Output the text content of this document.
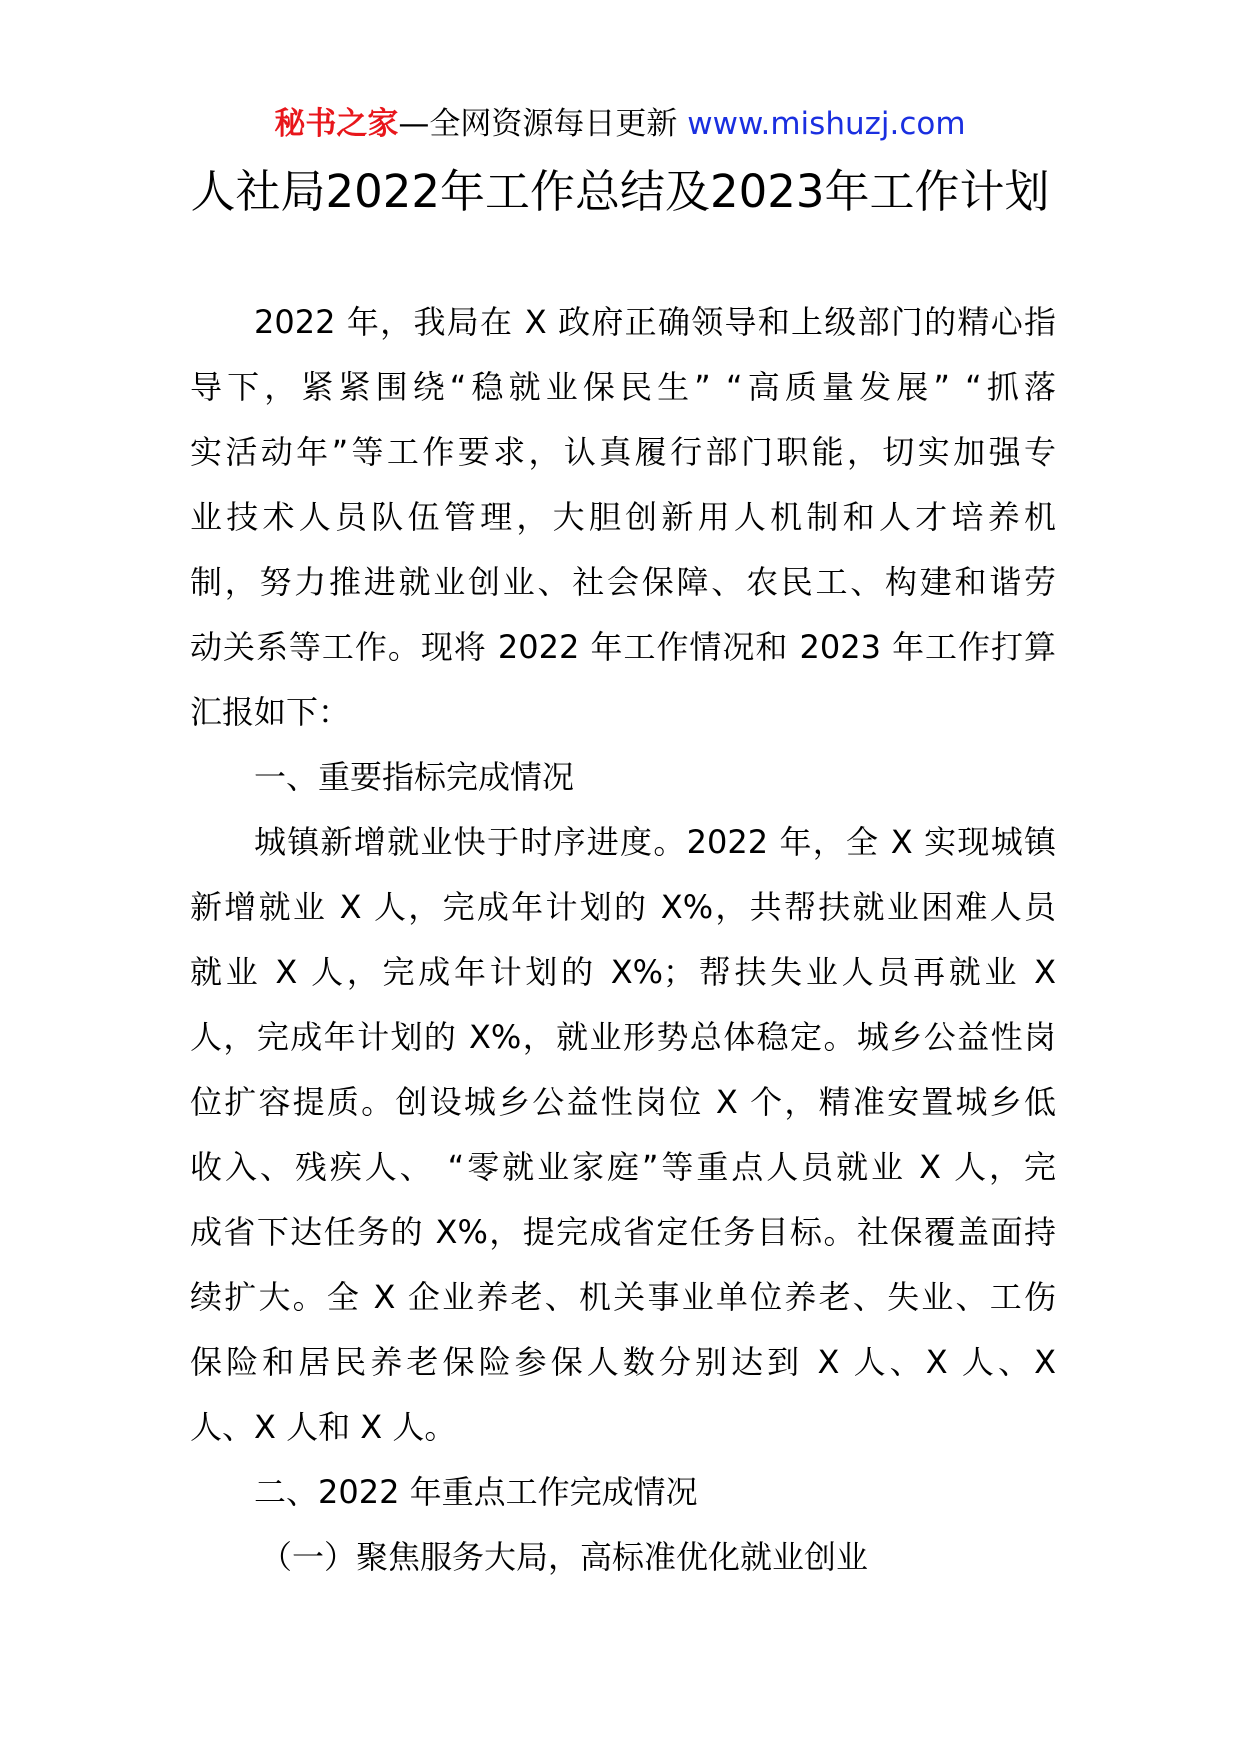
秘书之家—全网资源每日更新 www.mishuzj.com
人社局2022年工作总结及2023年工作计划
2022 年，我局在 X 政府正确领导和上级部门的精心指
导下，紧紧围绕“稳就业保民生” “高质量发展” “抓落
实活动年”等工作要求，认真履行部门职能，切实加强专
业技术人员队伍管理，大胆创新用人机制和人才培养机
制，努力推进就业创业、社会保障、农民工、构建和谐劳
动关系等工作。现将 2022 年工作情况和 2023 年工作打算
汇报如下：
一、重要指标完成情况
城镇新增就业快于时序进度。2022 年，全 X 实现城镇
新增就业 X 人，完成年计划的 X%，共帮扶就业困难人员
就业 X 人，完成年计划的 X%；帮扶失业人员再就业 X
人，完成年计划的 X%，就业形势总体稳定。城乡公益性岗
位扩容提质。创设城乡公益性岗位 X 个，精准安置城乡低
收入、残疾人、 “零就业家庭”等重点人员就业 X 人，完
成省下达任务的 X%，提完成省定任务目标。社保覆盖面持
续扩大。全 X 企业养老、机关事业单位养老、失业、工伤
保险和居民养老保险参保人数分别达到 X 人、X 人、X
人、X 人和 X 人。
二、2022 年重点工作完成情况
（一）聚焦服务大局，高标准优化就业创业
